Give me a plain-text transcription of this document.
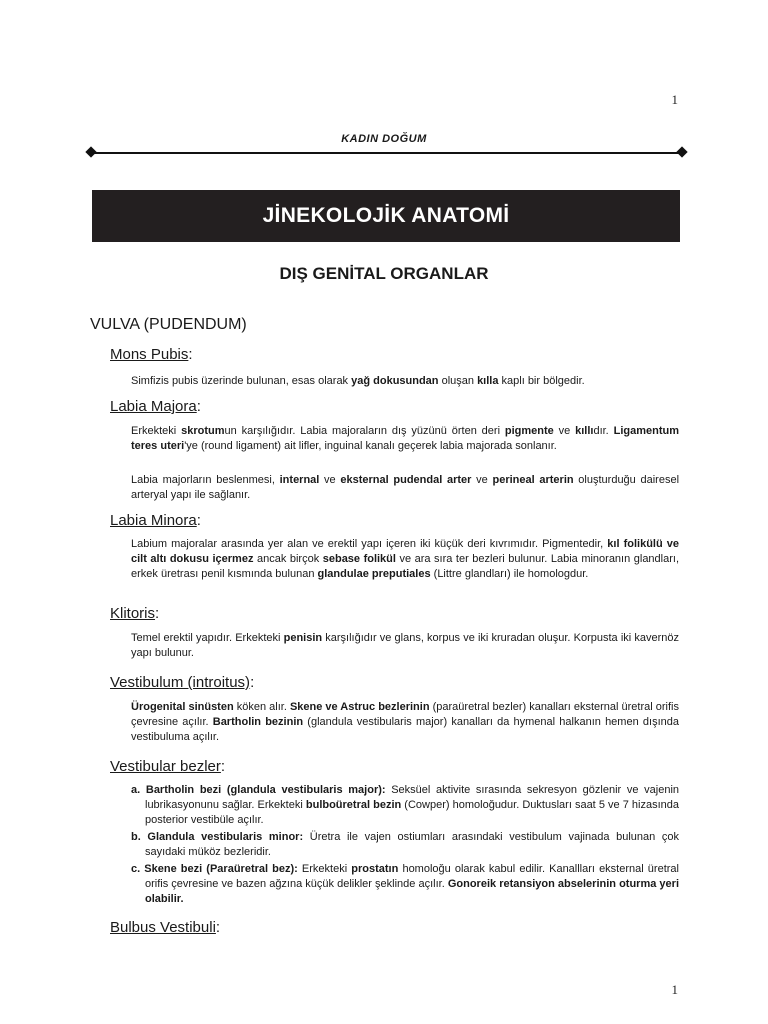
1
KADIN DOĞUM
JİNEKOLOJİK ANATOMİ
DIŞ GENİTAL ORGANLAR
VULVA (PUDENDUM)
Mons Pubis:

Simfizis pubis üzerinde bulunan, esas olarak yağ dokusundan oluşan kılla kaplı bir bölgedir.

Labia Majora:

Erkekteki skrotumun karşılığıdır. Labia majoraların dış yüzünü örten deri pigmente ve kıllıdır. Ligamentum teres uteri'ye (round ligament) ait lifler, inguinal kanalı geçerek labia majorada sonlanır.

Labia majorların beslenmesi, internal ve eksternal pudendal arter ve perineal arterin oluşturduğu dairesel arteryal yapı ile sağlanır.

Labia Minora:

Labium majoralar arasında yer alan ve erektil yapı içeren iki küçük deri kıvrımıdır. Pigmentedir, kıl folikülü ve cilt altı dokusu içermez ancak birçok sebase folikül ve ara sıra ter bezleri bulunur. Labia minoranın glandları, erkek üretrası penil kısmında bulunan glandulae preputiales (Littre glandları) ile homologdur.

Klitoris:

Temel erektil yapıdır. Erkekteki penisin karşılığıdır ve glans, korpus ve iki kruradan oluşur. Korpusta iki kavernöz yapı bulunur.

Vestibulum (introitus):

Ürogenital sinüsten köken alır. Skene ve Astruc bezlerinin (paraüretral bezler) kanalları eksternal üretral orifis çevresine açılır. Bartholin bezinin (glandula vestibularis major) kanalları da hymenal halkanın hemen dışında vestibuluma açılır.

Vestibular bezler:
a. Bartholin bezi (glandula vestibularis major): Seksüel aktivite sırasında sekresyon gözlenir ve vajenin lubrikasyonunu sağlar. Erkekteki bulboüretral bezin (Cowper) homoloğudur. Duktusları saat 5 ve 7 hizasında posterior vestibüle açılır.
b. Glandula vestibularis minor: Üretra ile vajen ostiumları arasındaki vestibulum vajinada bulunan çok sayıdaki müköz bezleridir.
c. Skene bezi (Paraüretral bez): Erkekteki prostatın homoloğu olarak kabul edilir. Kanallları eksternal üretral orifis çevresine ve bazen ağzına küçük delikler şeklinde açılır. Gonoreik retansiyon abselerinin oturma yeri olabilir.
Bulbus Vestibuli:
1
